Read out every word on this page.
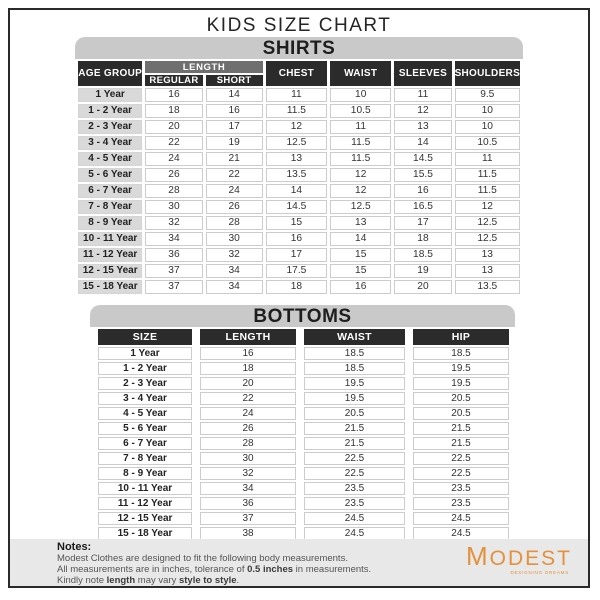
KIDS SIZE CHART
SHIRTS
AGE GROUP	LENGTH		CHEST	WAIST	SLEEVES	SHOULDERS
	REGULAR	SHORT				
1 Year	16	14	11	10	11	9.5
1 - 2 Year	18	16	11.5	10.5	12	10
2 - 3 Year	20	17	12	11	13	10
3 - 4 Year	22	19	12.5	11.5	14	10.5
4 - 5 Year	24	21	13	11.5	14.5	11
5 - 6 Year	26	22	13.5	12	15.5	11.5
6 - 7 Year	28	24	14	12	16	11.5
7 - 8 Year	30	26	14.5	12.5	16.5	12
8 - 9 Year	32	28	15	13	17	12.5
10 - 11 Year	34	30	16	14	18	12.5
11 - 12 Year	36	32	17	15	18.5	13
12 - 15 Year	37	34	17.5	15	19	13
15 - 18 Year	37	34	18	16	20	13.5
BOTTOMS
SIZE	LENGTH	WAIST	HIP
1 Year	16	18.5	18.5
1 - 2 Year	18	18.5	19.5
2 - 3 Year	20	19.5	19.5
3 - 4 Year	22	19.5	20.5
4 - 5 Year	24	20.5	20.5
5 - 6 Year	26	21.5	21.5
6 - 7 Year	28	21.5	21.5
7 - 8 Year	30	22.5	22.5
8 - 9 Year	32	22.5	22.5
10 - 11 Year	34	23.5	23.5
11 - 12 Year	36	23.5	23.5
12 - 15 Year	37	24.5	24.5
15 - 18 Year	38	24.5	24.5
Notes:
Modest Clothes are designed to fit the following body measurements.
All measurements are in inches, tolerance of 0.5 inches in measurements.
Kindly note length may vary style to style.
MODEST
DESIGNING DREAMS
